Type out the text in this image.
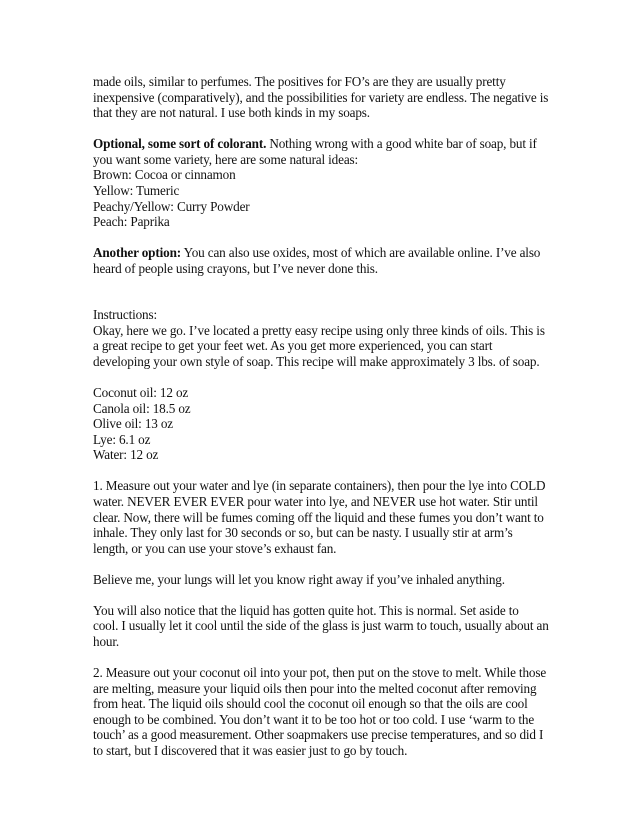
made oils, similar to perfumes. The positives for FO’s are they are usually pretty
inexpensive (comparatively), and the possibilities for variety are endless. The negative is
that they are not natural. I use both kinds in my soaps.
Optional, some sort of colorant. Nothing wrong with a good white bar of soap, but if
you want some variety, here are some natural ideas:
Brown: Cocoa or cinnamon
Yellow: Tumeric
Peachy/Yellow: Curry Powder
Peach: Paprika
Another option: You can also use oxides, most of which are available online. I’ve also
heard of people using crayons, but I’ve never done this.
Instructions:
Okay, here we go. I’ve located a pretty easy recipe using only three kinds of oils. This is
a great recipe to get your feet wet. As you get more experienced, you can start
developing your own style of soap. This recipe will make approximately 3 lbs. of soap.
Coconut oil: 12 oz
Canola oil: 18.5 oz
Olive oil: 13 oz
Lye: 6.1 oz
Water: 12 oz
1. Measure out your water and lye (in separate containers), then pour the lye into COLD
water. NEVER EVER EVER pour water into lye, and NEVER use hot water. Stir until
clear. Now, there will be fumes coming off the liquid and these fumes you don’t want to
inhale. They only last for 30 seconds or so, but can be nasty. I usually stir at arm’s
length, or you can use your stove’s exhaust fan.
Believe me, your lungs will let you know right away if you’ve inhaled anything.
You will also notice that the liquid has gotten quite hot. This is normal. Set aside to
cool. I usually let it cool until the side of the glass is just warm to touch, usually about an
hour.
2. Measure out your coconut oil into your pot, then put on the stove to melt. While those
are melting, measure your liquid oils then pour into the melted coconut after removing
from heat. The liquid oils should cool the coconut oil enough so that the oils are cool
enough to be combined. You don’t want it to be too hot or too cold. I use ‘warm to the
touch’ as a good measurement. Other soapmakers use precise temperatures, and so did I
to start, but I discovered that it was easier just to go by touch.
